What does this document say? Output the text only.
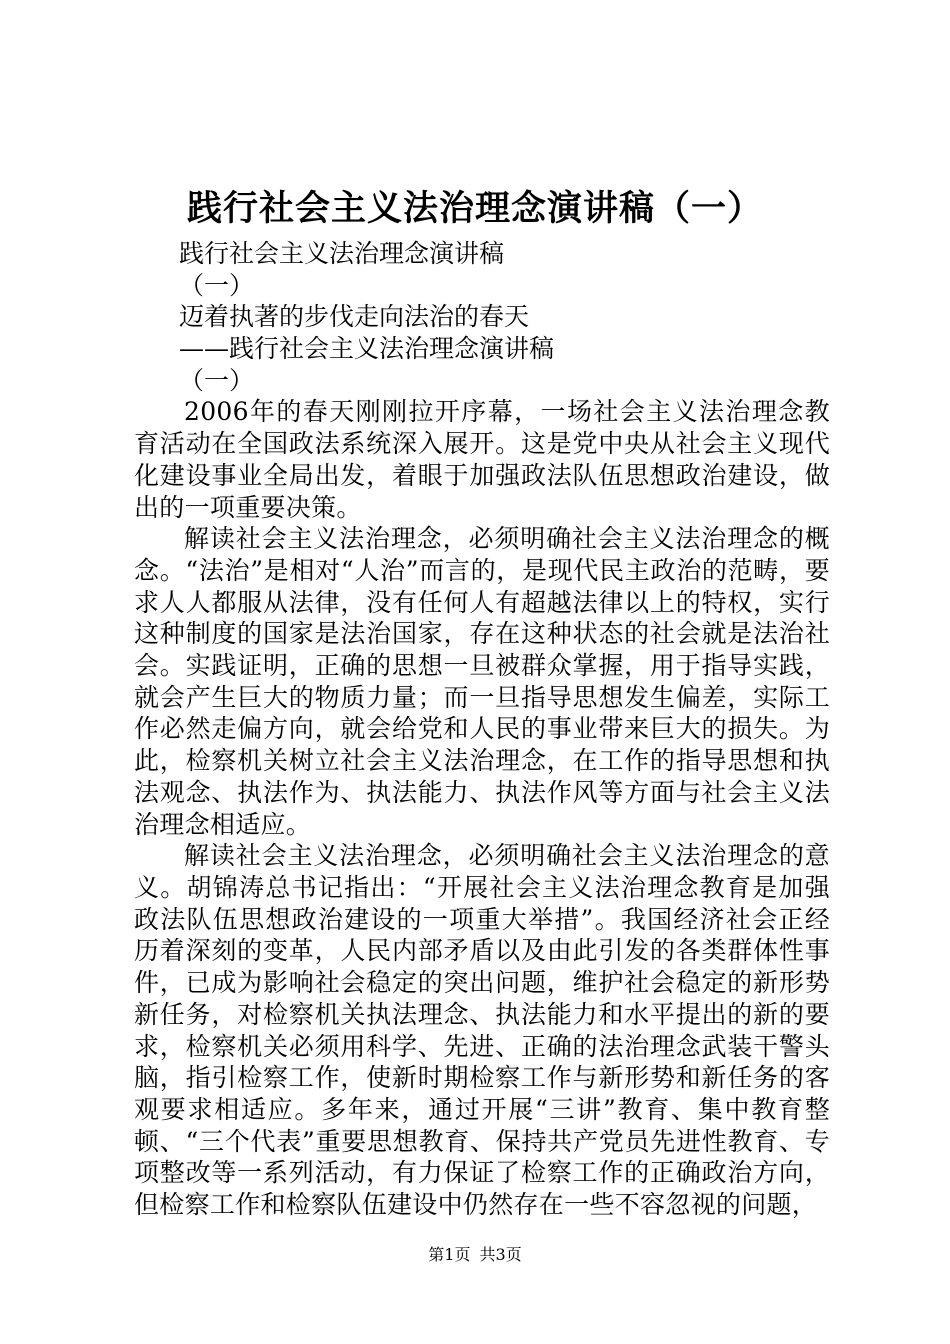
践行社会主义法治理念演讲稿（一）
践行社会主义法治理念演讲稿
（一）
迈着执著的步伐走向法治的春天
——践行社会主义法治理念演讲稿
（一）

2006年的春天刚刚拉开序幕，一场社会主义法治理念教育活动在全国政法系统深入展开。这是党中央从社会主义现代化建设事业全局出发，着眼于加强政法队伍思想政治建设，做出的一项重要决策。

解读社会主义法治理念，必须明确社会主义法治理念的概念。“法治”是相对“人治”而言的，是现代民主政治的范畴，要求人人都服从法律，没有任何人有超越法律以上的特权，实行这种制度的国家是法治国家，存在这种状态的社会就是法治社会。实践证明，正确的思想一旦被群众掌握，用于指导实践，就会产生巨大的物质力量；而一旦指导思想发生偏差，实际工作必然走偏方向，就会给党和人民的事业带来巨大的损失。为此，检察机关树立社会主义法治理念，在工作的指导思想和执法观念、执法作为、执法能力、执法作风等方面与社会主义法治理念相适应。

解读社会主义法治理念，必须明确社会主义法治理念的意义。胡锦涛总书记指出：“开展社会主义法治理念教育是加强政法队伍思想政治建设的一项重大举措”。我国经济社会正经历着深刻的变革，人民内部矛盾以及由此引发的各类群体性事件，已成为影响社会稳定的突出问题，维护社会稳定的新形势新任务，对检察机关执法理念、执法能力和水平提出的新的要求，检察机关必须用科学、先进、正确的法治理念武装干警头脑，指引检察工作，使新时期检察工作与新形势和新任务的客观要求相适应。多年来，通过开展“三讲”教育、集中教育整顿、“三个代表”重要思想教育、保持共产党员先进性教育、专项整改等一系列活动，有力保证了检察工作的正确政治方向，但检察工作和检察队伍建设中仍然存在一些不容忽视的问题，

第1页 共3页
